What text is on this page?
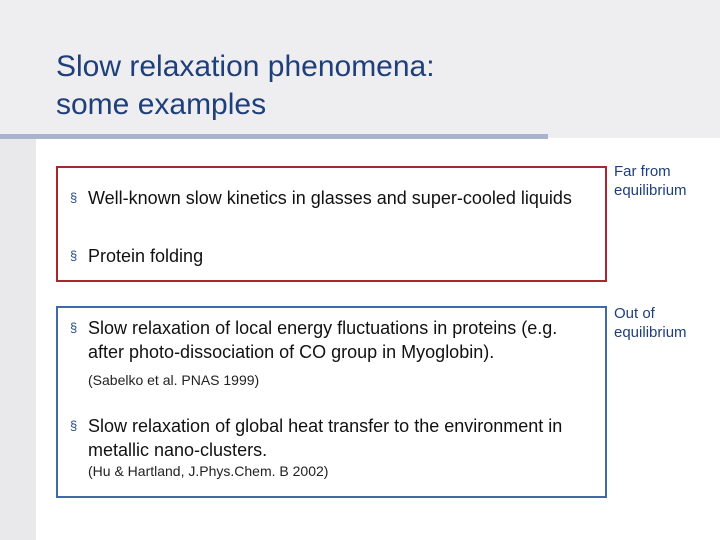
Slow relaxation phenomena:
some examples
§ Well-known slow kinetics in glasses and super-cooled liquids
§ Protein folding
Far from equilibrium
§ Slow relaxation of local energy fluctuations in proteins (e.g. after photo-dissociation of CO group in Myoglobin).
(Sabelko et al. PNAS 1999)
§ Slow relaxation of global heat transfer to the environment in metallic nano-clusters.
(Hu & Hartland, J.Phys.Chem. B 2002)
Out of equilibrium
